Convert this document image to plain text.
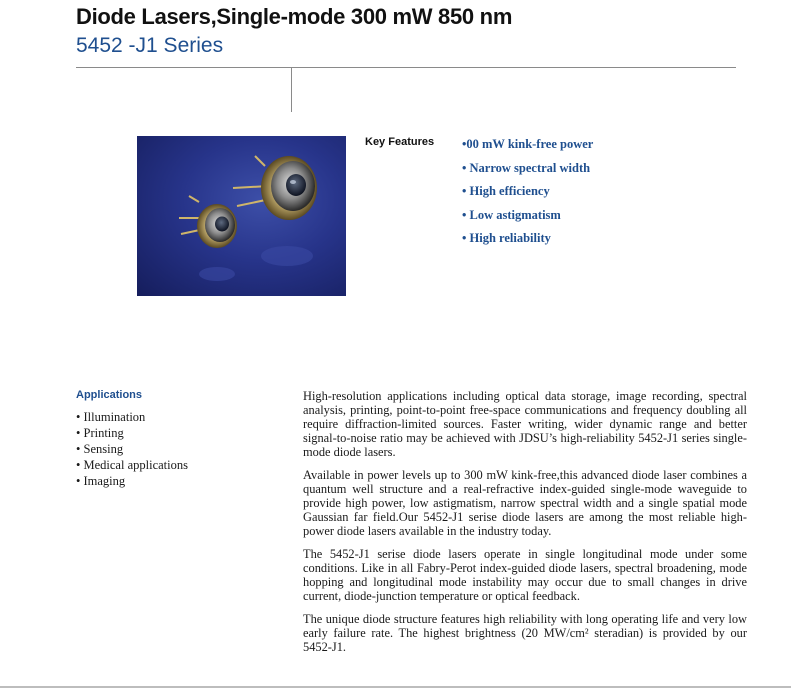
Diode Lasers,Single-mode 300 mW 850 nm
5452 -J1 Series
Key Features •00 mW kink-free power
• Narrow spectral width
• High efficiency
• Low astigmatism
• High reliability
Applications
• Illumination
• Printing
• Sensing
• Medical applications
• Imaging

High-resolution applications including optical data storage, image recording, spectral analysis, printing, point-to-point free-space communications and frequency doubling all require diffraction-limited sources. Faster writing, wider dynamic range and better signal-to-noise ratio may be achieved with JDSU’s high-reliability 5452-J1 series single-mode diode lasers.

Available in power levels up to 300 mW kink-free,this advanced diode laser combines a quantum well structure and a real-refractive index-guided single-mode waveguide to provide high power, low astigmatism, narrow spectral width and a single spatial mode Gaussian far field.Our 5452-J1 serise diode lasers are among the most reliable high-power diode lasers available in the industry today.

The 5452-J1 serise diode lasers operate in single longitudinal mode under some conditions. Like in all Fabry-Perot index-guided diode lasers, spectral broadening, mode hopping and longitudinal mode instability may occur due to small changes in drive current, diode-junction temperature or optical feedback.

The unique diode structure features high reliability with long operating life and very low early failure rate. The highest brightness (20 MW/cm² steradian) is provided by our 5452-J1.
